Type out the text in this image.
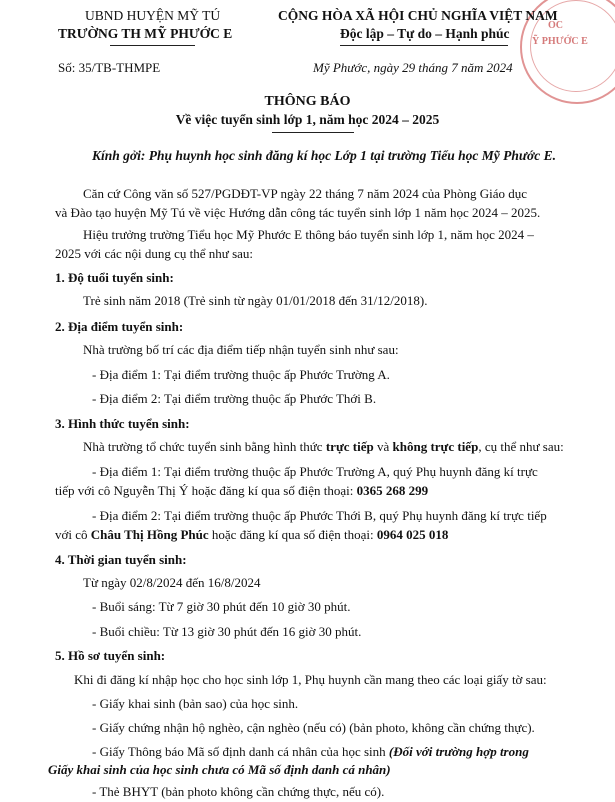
OC
Ỹ PHƯỚC E
UBND HUYỆN MỸ TÚ
TRƯỜNG TH MỸ PHƯỚC E
Số: 35/TB-THMPE
CỘNG HÒA XÃ HỘI CHỦ NGHĨA VIỆT NAM
Độc lập – Tự do – Hạnh phúc
Mỹ Phước, ngày 29 tháng 7 năm 2024
THÔNG BÁO
Về việc tuyển sinh lớp 1, năm học 2024 – 2025
Kính gởi: Phụ huynh học sinh đăng kí học Lớp 1 tại trường Tiểu học Mỹ Phước E.
Căn cứ Công văn số 527/PGDĐT-VP ngày 22 tháng 7 năm 2024 của Phòng Giáo dục
và Đào tạo huyện Mỹ Tú về việc Hướng dẫn công tác tuyển sinh lớp 1 năm học 2024 – 2025.
Hiệu trưởng trường Tiểu học Mỹ Phước E thông báo tuyển sinh lớp 1, năm học 2024 –
2025 với các nội dung cụ thể như sau:
1. Độ tuổi tuyển sinh:
Trẻ sinh năm 2018 (Trẻ sinh từ ngày 01/01/2018 đến 31/12/2018).
2. Địa điểm tuyển sinh:
Nhà trường bố trí các địa điểm tiếp nhận tuyển sinh như sau:
- Địa điểm 1: Tại điểm trường thuộc ấp Phước Trường A.
- Địa điểm 2: Tại điểm trường thuộc ấp Phước Thới B.
3. Hình thức tuyển sinh:
Nhà trường tổ chức tuyển sinh bằng hình thức trực tiếp và không trực tiếp, cụ thể như sau:
- Địa điểm 1: Tại điểm trường thuộc ấp Phước Trường A, quý Phụ huynh đăng kí trực
tiếp với cô Nguyễn Thị Ý hoặc đăng kí qua số điện thoại: 0365 268 299
- Địa điểm 2: Tại điểm trường thuộc ấp Phước Thới B, quý Phụ huynh đăng kí trực tiếp
với cô Châu Thị Hồng Phúc hoặc đăng kí qua số điện thoại: 0964 025 018
4. Thời gian tuyển sinh:
Từ ngày 02/8/2024 đến 16/8/2024
- Buổi sáng: Từ 7 giờ 30 phút đến 10 giờ 30 phút.
- Buổi chiều: Từ 13 giờ 30 phút đến 16 giờ 30 phút.
5. Hồ sơ tuyển sinh:
Khi đi đăng kí nhập học cho học sinh lớp 1, Phụ huynh cần mang theo các loại giấy tờ sau:
- Giấy khai sinh (bản sao) của học sinh.
- Giấy chứng nhận hộ nghèo, cận nghèo (nếu có) (bản photo, không cần chứng thực).
- Giấy Thông báo Mã số định danh cá nhân của học sinh (Đối với trường hợp trong
Giấy khai sinh của học sinh chưa có Mã số định danh cá nhân)
- Thẻ BHYT (bản photo không cần chứng thực, nếu có).
